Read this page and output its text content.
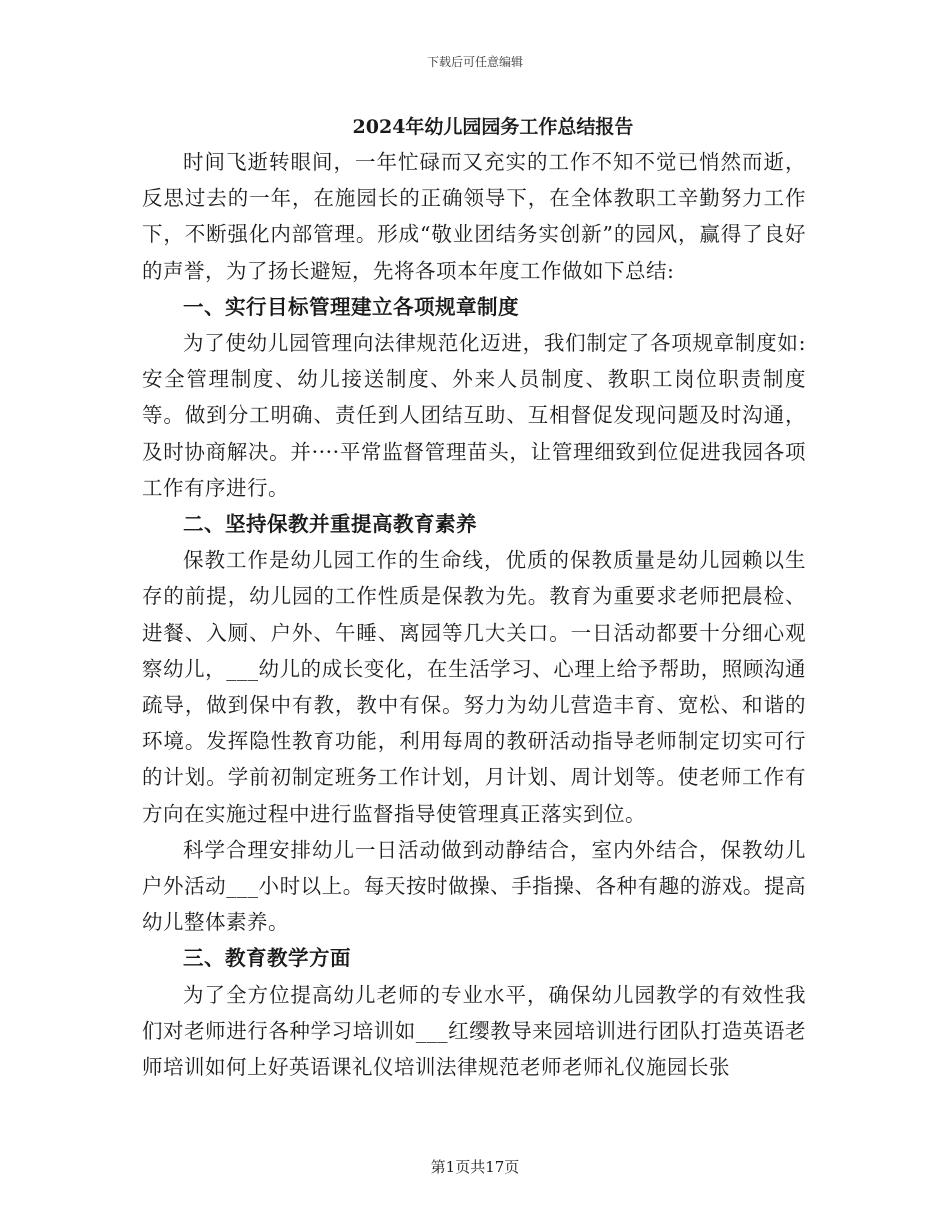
下载后可任意编辑
2024年幼儿园园务工作总结报告

时间飞逝转眼间，一年忙碌而又充实的工作不知不觉已悄然而逝，反思过去的一年，在施园长的正确领导下，在全体教职工辛勤努力工作下，不断强化内部管理。形成“敬业团结务实创新”的园风，赢得了良好的声誉，为了扬长避短，先将各项本年度工作做如下总结:

一、实行目标管理建立各项规章制度

为了使幼儿园管理向法律规范化迈进，我们制定了各项规章制度如:安全管理制度、幼儿接送制度、外来人员制度、教职工岗位职责制度等。做到分工明确、责任到人团结互助、互相督促发现问题及时沟通，及时协商解决。并····平常监督管理苗头，让管理细致到位促进我园各项工作有序进行。

二、坚持保教并重提高教育素养

保教工作是幼儿园工作的生命线，优质的保教质量是幼儿园赖以生存的前提，幼儿园的工作性质是保教为先。教育为重要求老师把晨检、进餐、入厕、户外、午睡、离园等几大关口。一日活动都要十分细心观察幼儿，___幼儿的成长变化，在生活学习、心理上给予帮助，照顾沟通疏导，做到保中有教，教中有保。努力为幼儿营造丰育、宽松、和谐的环境。发挥隐性教育功能，利用每周的教研活动指导老师制定切实可行的计划。学前初制定班务工作计划，月计划、周计划等。使老师工作有方向在实施过程中进行监督指导使管理真正落实到位。

科学合理安排幼儿一日活动做到动静结合，室内外结合，保教幼儿户外活动___小时以上。每天按时做操、手指操、各种有趣的游戏。提高幼儿整体素养。

三、教育教学方面

为了全方位提高幼儿老师的专业水平，确保幼儿园教学的有效性我们对老师进行各种学习培训如___红缨教导来园培训进行团队打造英语老师培训如何上好英语课礼仪培训法律规范老师老师礼仪施园长张

第1页共17页
